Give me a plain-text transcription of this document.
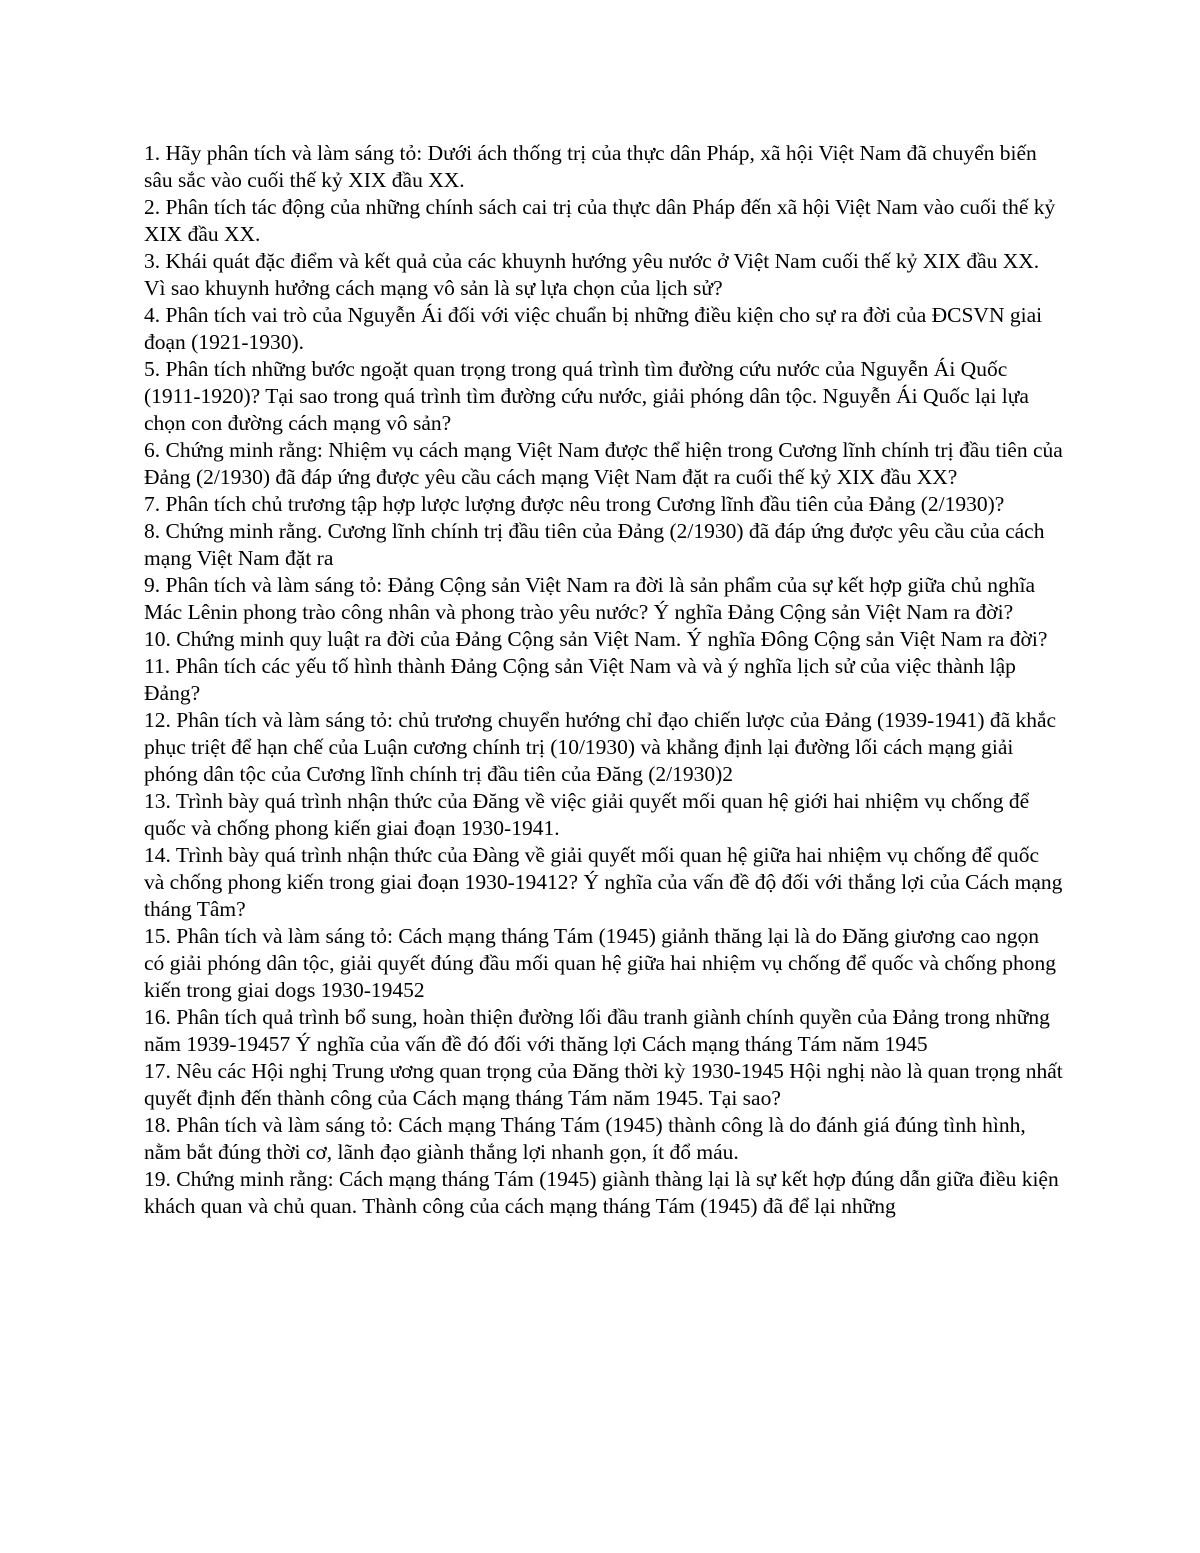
1. Hãy phân tích và làm sáng tỏ: Dưới ách thống trị của thực dân Pháp, xã hội Việt Nam đã chuyển biến sâu sắc vào cuối thế kỷ XIX đầu XX.

2. Phân tích tác động của những chính sách cai trị của thực dân Pháp đến xã hội Việt Nam vào cuối thế kỷ XIX đầu XX.

3. Khái quát đặc điểm và kết quả của các khuynh hướng yêu nước ở Việt Nam cuối thế kỷ XIX đầu XX. Vì sao khuynh hưởng cách mạng vô sản là sự lựa chọn của lịch sử?

4. Phân tích vai trò của Nguyễn Ái đối với việc chuẩn bị những điều kiện cho sự ra đời của ĐCSVN giai đoạn (1921-1930).

5. Phân tích những bước ngoặt quan trọng trong quá trình tìm đường cứu nước của Nguyễn Ái Quốc (1911-1920)? Tại sao trong quá trình tìm đường cứu nước, giải phóng dân tộc. Nguyễn Ái Quốc lại lựa chọn con đường cách mạng vô sản?

6. Chứng minh rằng: Nhiệm vụ cách mạng Việt Nam được thể hiện trong Cương lĩnh chính trị đầu tiên của Đảng (2/1930) đã đáp ứng được yêu cầu cách mạng Việt Nam đặt ra cuối thế kỷ XIX đầu XX?

7. Phân tích chủ trương tập hợp lược lượng được nêu trong Cương lĩnh đầu tiên của Đảng (2/1930)?

8. Chứng minh rằng. Cương lĩnh chính trị đầu tiên của Đảng (2/1930) đã đáp ứng được yêu cầu của cách mạng Việt Nam đặt ra

9. Phân tích và làm sáng tỏ: Đảng Cộng sản Việt Nam ra đời là sản phẩm của sự kết hợp giữa chủ nghĩa Mác Lênin phong trào công nhân và phong trào yêu nước? Ý nghĩa Đảng Cộng sản Việt Nam ra đời?

10. Chứng minh quy luật ra đời của Đảng Cộng sản Việt Nam. Ý nghĩa Đông Cộng sản Việt Nam ra đời?

11. Phân tích các yếu tố hình thành Đảng Cộng sản Việt Nam và và ý nghĩa lịch sử của việc thành lập Đảng?

12. Phân tích và làm sáng tỏ: chủ trương chuyển hướng chỉ đạo chiến lược của Đảng (1939-1941) đã khắc phục triệt để hạn chế của Luận cương chính trị (10/1930) và khẳng định lại đường lối cách mạng giải phóng dân tộc của Cương lĩnh chính trị đầu tiên của Đăng (2/1930)2

13. Trình bày quá trình nhận thức của Đăng về việc giải quyết mối quan hệ giới hai nhiệm vụ chống để quốc và chống phong kiến giai đoạn 1930-1941.

14. Trình bày quá trình nhận thức của Đàng về giải quyết mối quan hệ giữa hai nhiệm vụ chống để quốc và chống phong kiến trong giai đoạn 1930-19412? Ý nghĩa của vấn đề độ đối với thắng lợi của Cách mạng tháng Tâm?

15. Phân tích và làm sáng tỏ: Cách mạng tháng Tám (1945) giảnh thăng lại là do Đăng giương cao ngọn có giải phóng dân tộc, giải quyết đúng đầu mối quan hệ giữa hai nhiệm vụ chống để quốc và chống phong kiến trong giai dogs 1930-19452

16. Phân tích quả trình bổ sung, hoàn thiện đường lối đầu tranh giành chính quyền của Đảng trong những năm 1939-19457 Ý nghĩa của vấn đề đó đối với thăng lợi Cách mạng tháng Tám năm 1945

17. Nêu các Hội nghị Trung ương quan trọng của Đăng thời kỳ 1930-1945 Hội nghị nào là quan trọng nhất quyết định đến thành công của Cách mạng tháng Tám năm 1945. Tại sao?

18. Phân tích và làm sáng tỏ: Cách mạng Tháng Tám (1945) thành công là do đánh giá đúng tình hình, nằm bắt đúng thời cơ, lãnh đạo giành thắng lợi nhanh gọn, ít đổ máu.

19. Chứng minh rằng: Cách mạng tháng Tám (1945) giành thàng lại là sự kết hợp đúng dẫn giữa điều kiện khách quan và chủ quan. Thành công của cách mạng tháng Tám (1945) đã để lại những
